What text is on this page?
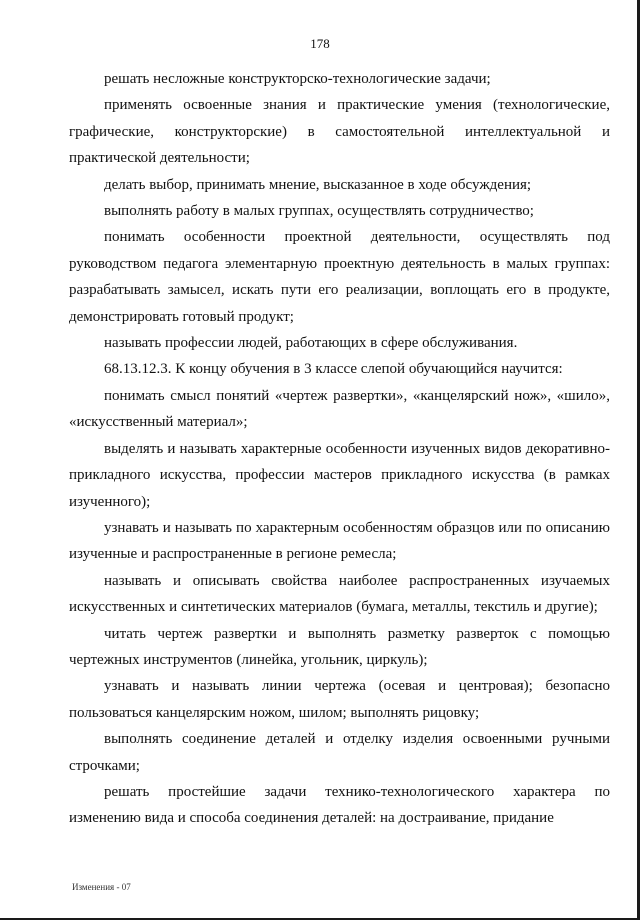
178

решать несложные конструкторско-технологические задачи;

применять освоенные знания и практические умения (технологические, графические, конструкторские) в самостоятельной интеллектуальной и практической деятельности;

делать выбор, принимать мнение, высказанное в ходе обсуждения;

выполнять работу в малых группах, осуществлять сотрудничество;

понимать особенности проектной деятельности, осуществлять под руководством педагога элементарную проектную деятельность в малых группах: разрабатывать замысел, искать пути его реализации, воплощать его в продукте, демонстрировать готовый продукт;

называть профессии людей, работающих в сфере обслуживания.

68.13.12.3. К концу обучения в 3 классе слепой обучающийся научится:

понимать смысл понятий «чертеж развертки», «канцелярский нож», «шило», «искусственный материал»;

выделять и называть характерные особенности изученных видов декоративно-прикладного искусства, профессии мастеров прикладного искусства (в рамках изученного);

узнавать и называть по характерным особенностям образцов или по описанию изученные и распространенные в регионе ремесла;

называть и описывать свойства наиболее распространенных изучаемых искусственных и синтетических материалов (бумага, металлы, текстиль и другие);

читать чертеж развертки и выполнять разметку разверток с помощью чертежных инструментов (линейка, угольник, циркуль);

узнавать и называть линии чертежа (осевая и центровая); безопасно пользоваться канцелярским ножом, шилом; выполнять рицовку;

выполнять соединение деталей и отделку изделия освоенными ручными строчками;

решать простейшие задачи технико-технологического характера по изменению вида и способа соединения деталей: на достраивание, придание

Изменения - 07
